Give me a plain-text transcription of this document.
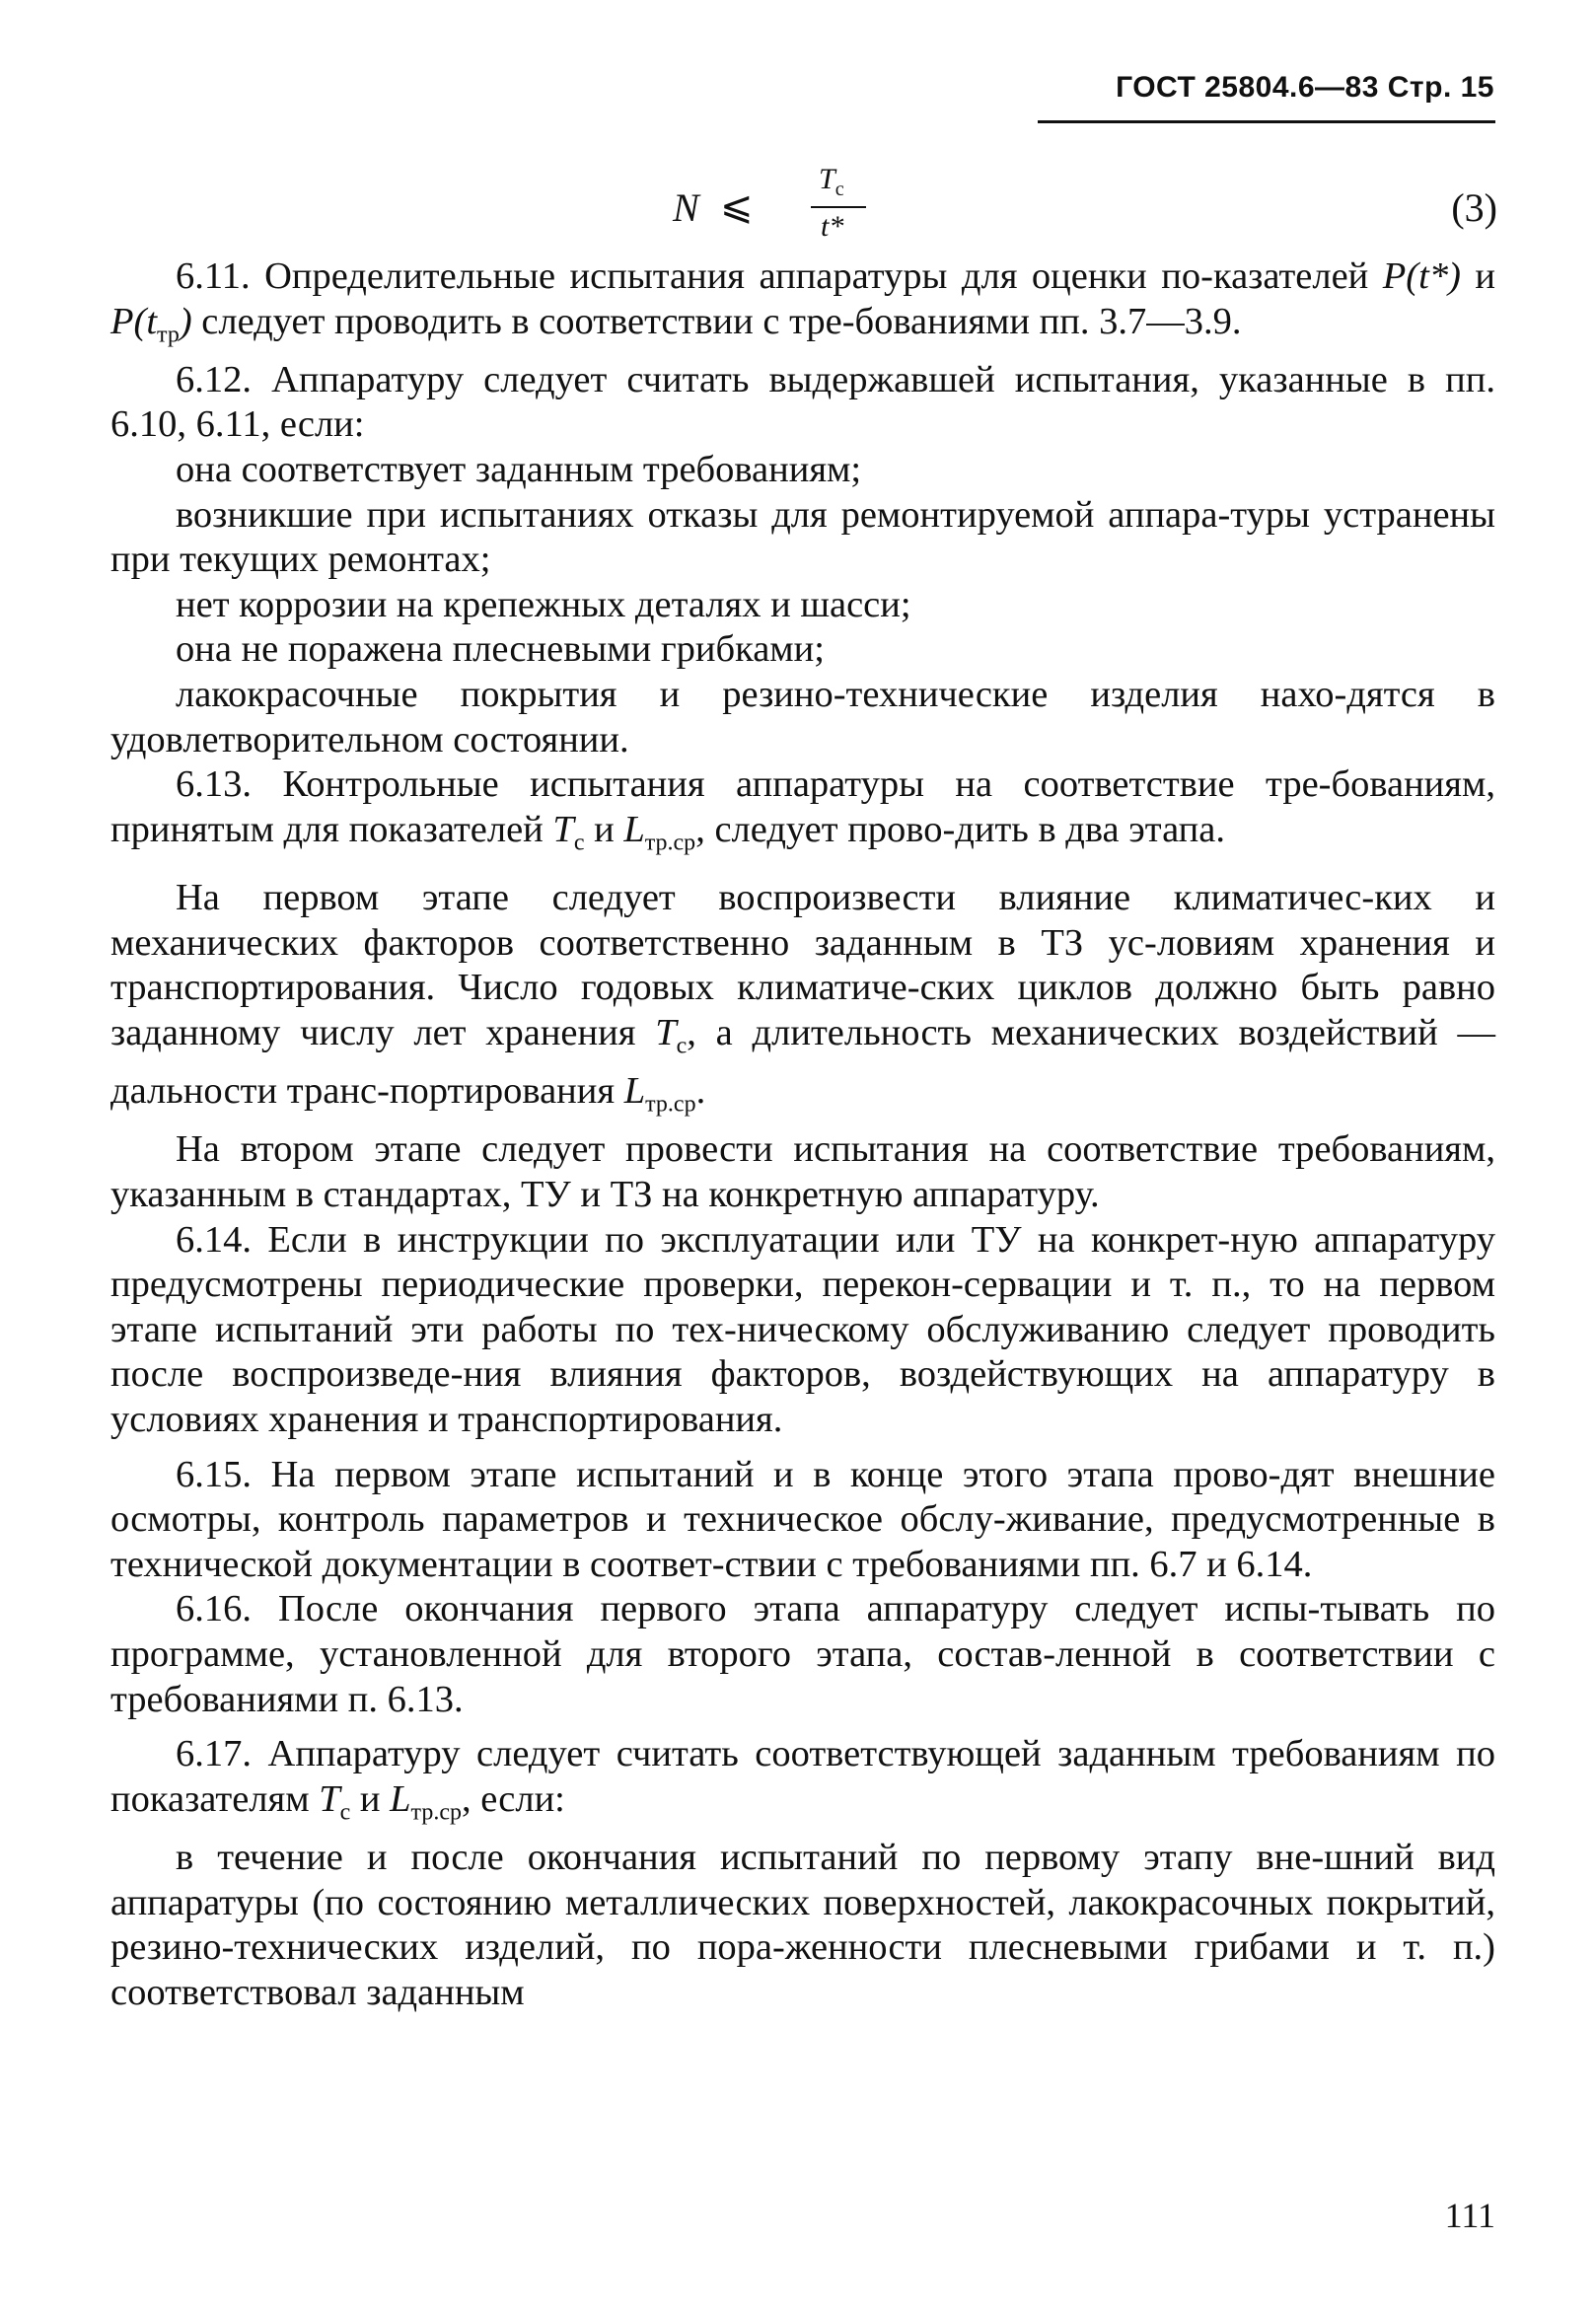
ГОСТ 25804.6—83 Стр. 15
N ⩽
$T_с$
t*	(3)

6.11. Определительные испытания аппаратуры для оценки по-казателей P(t*) и $P(t_{тр})$ следует проводить в соответствии с тре-бованиями пп. 3.7—3.9.

6.12. Аппаратуру следует считать выдержавшей испытания, указанные в пп. 6.10, 6.11, если:

она соответствует заданным требованиям;

возникшие при испытаниях отказы для ремонтируемой аппара-туры устранены при текущих ремонтах;

нет коррозии на крепежных деталях и шасси;

она не поражена плесневыми грибками;

лакокрасочные покрытия и резино-технические изделия нахо-дятся в удовлетворительном состоянии.

6.13. Контрольные испытания аппаратуры на соответствие тре-бованиям, принятым для показателей $T_с$ и $L_{тр.ср}$, следует прово-дить в два этапа.

На первом этапе следует воспроизвести влияние климатичес-ких и механических факторов соответственно заданным в ТЗ ус-ловиям хранения и транспортирования. Число годовых климатиче-ских циклов должно быть равно заданному числу лет хранения $T_с$, а длительность механических воздействий — дальности транс-портирования $L_{тр.ср}$.

На втором этапе следует провести испытания на соответствие требованиям, указанным в стандартах, ТУ и ТЗ на конкретную аппаратуру.

6.14. Если в инструкции по эксплуатации или ТУ на конкрет-ную аппаратуру предусмотрены периодические проверки, перекон-сервации и т. п., то на первом этапе испытаний эти работы по тех-ническому обслуживанию следует проводить после воспроизведе-ния влияния факторов, воздействующих на аппаратуру в условиях хранения и транспортирования.

6.15. На первом этапе испытаний и в конце этого этапа прово-дят внешние осмотры, контроль параметров и техническое обслу-живание, предусмотренные в технической документации в соответ-ствии с требованиями пп. 6.7 и 6.14.

6.16. После окончания первого этапа аппаратуру следует испы-тывать по программе, установленной для второго этапа, состав-ленной в соответствии с требованиями п. 6.13.

6.17. Аппаратуру следует считать соответствующей заданным требованиям по показателям $T_с$ и $L_{тр.ср}$, если:

в течение и после окончания испытаний по первому этапу вне-шний вид аппаратуры (по состоянию металлических поверхностей, лакокрасочных покрытий, резино-технических изделий, по пора-женности плесневыми грибами и т. п.) соответствовал заданным

111
